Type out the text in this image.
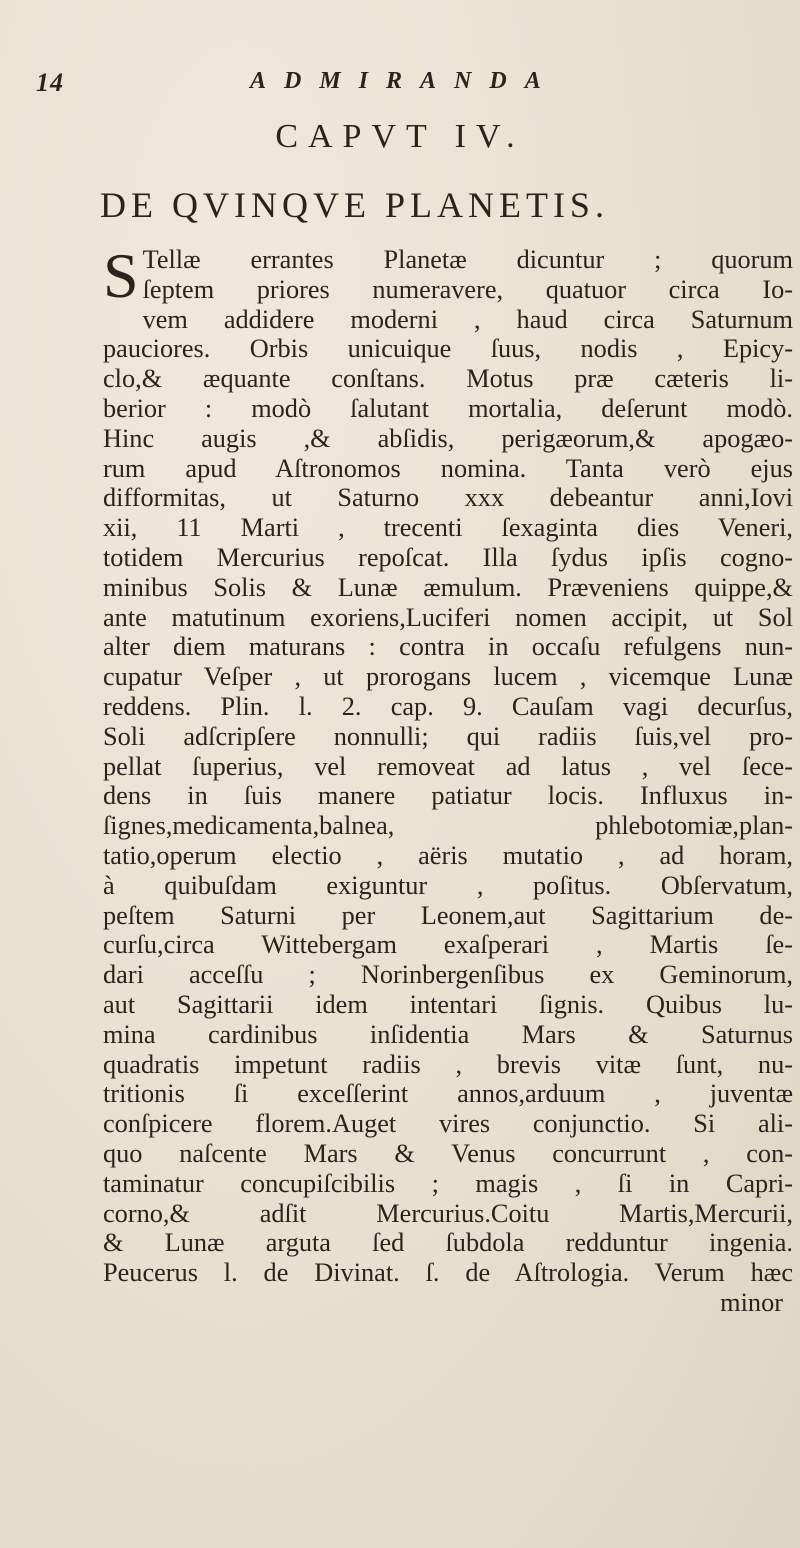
14	ADMIRANDA
CAPVT IV.
DE QVINQVE PLANETIS.
S Tellæ errantes Planetæ dicuntur ; quorum
ſeptem priores numeravere, quatuor circa Io-
vem addidere moderni , haud circa Saturnum
pauciores. Orbis unicuique ſuus, nodis , Epicy-
clo,& æquante conſtans. Motus præ cæteris li-
berior : modò ſalutant mortalia, deſerunt modò.
Hinc augis ,& abſidis, perigæorum,& apogæo-
rum apud Aſtronomos nomina. Tanta verò ejus
difformitas, ut Saturno xxx debeantur anni,Iovi
xii, 11 Marti , trecenti ſexaginta dies Veneri,
totidem Mercurius repoſcat. Illa ſydus ipſis cogno-
minibus Solis & Lunæ æmulum. Præveniens quippe,&
ante matutinum exoriens,Luciferi nomen accipit, ut Sol
alter diem maturans : contra in occaſu refulgens nun-
cupatur Veſper , ut prorogans lucem , vicemque Lunæ
reddens. Plin. l. 2. cap. 9. Cauſam vagi decurſus,
Soli adſcripſere nonnulli; qui radiis ſuis,vel pro-
pellat ſuperius, vel removeat ad latus , vel ſece-
dens in ſuis manere patiatur locis. Influxus in-
ſignes,medicamenta,balnea, phlebotomiæ,plan-
tatio,operum electio , aëris mutatio , ad horam,
à quibuſdam exiguntur , poſitus. Obſervatum,
peſtem Saturni per Leonem,aut Sagittarium de-
curſu,circa Wittebergam exaſperari , Martis ſe-
dari acceſſu ; Norinbergenſibus ex Geminorum,
aut Sagittarii idem intentari ſignis. Quibus lu-
mina cardinibus inſidentia Mars & Saturnus
quadratis impetunt radiis , brevis vitæ ſunt, nu-
tritionis ſi exceſſerint annos,arduum , juventæ
conſpicere florem.Auget vires conjunctio. Si ali-
quo naſcente Mars & Venus concurrunt , con-
taminatur concupiſcibilis ; magis , ſi in Capri-
corno,& adſit Mercurius.Coitu Martis,Mercurii,
& Lunæ arguta ſed ſubdola redduntur ingenia.
Peucerus l. de Divinat. ſ. de Aſtrologia. Verum hæc
minor
